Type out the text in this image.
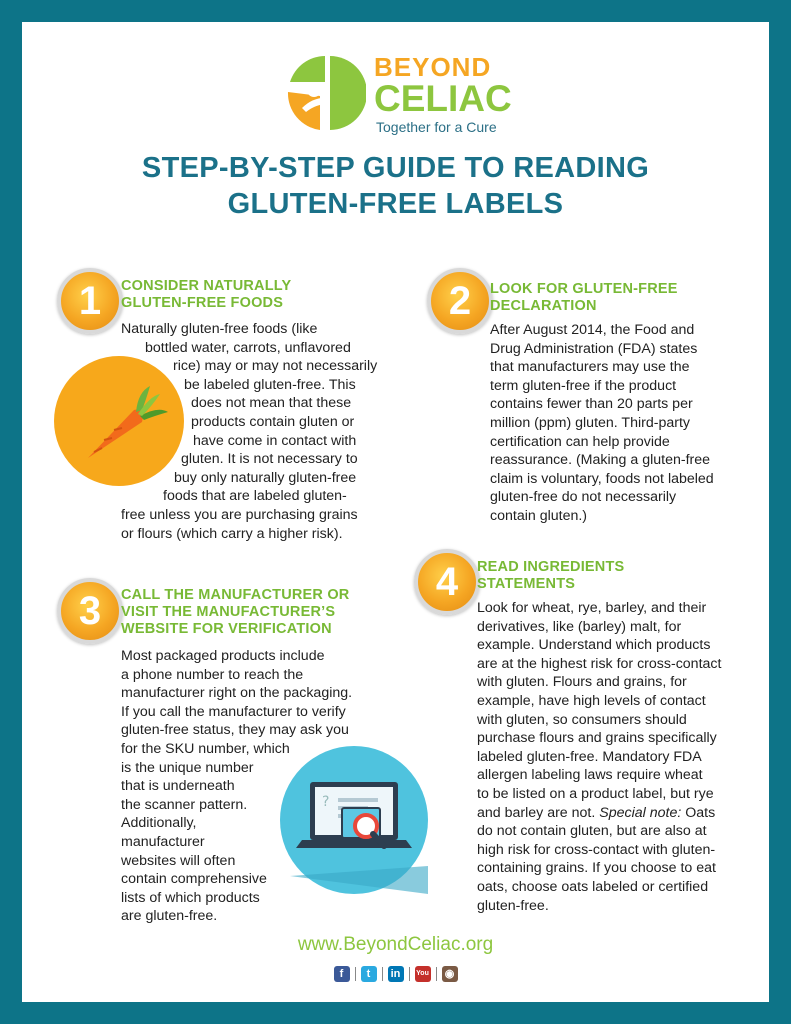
BEYOND
CELIAC
Together for a Cure
STEP-BY-STEP GUIDE TO READING
GLUTEN-FREE LABELS
1	CONSIDER NATURALLY
GLUTEN-FREE FOODS
Naturally gluten-free foods (like
bottled water, carrots, unflavored
rice) may or may not necessarily
be labeled gluten-free. This
does not mean that these
products contain gluten or
have come in contact with
gluten. It is not necessary to
buy only naturally gluten-free
foods that are labeled gluten-
free unless you are purchasing grains
or flours (which carry a higher risk).
2	LOOK FOR GLUTEN-FREE
DECLARATION
After August 2014, the Food and
Drug Administration (FDA) states
that manufacturers may use the
term gluten-free if the product
contains fewer than 20 parts per
million (ppm) gluten. Third-party
certification can help provide
reassurance. (Making a gluten-free
claim is voluntary, foods not labeled
gluten-free do not necessarily
contain gluten.)
3	CALL THE MANUFACTURER OR
VISIT THE MANUFACTURER’S
WEBSITE FOR VERIFICATION
?
Most packaged products include
a phone number to reach the
manufacturer right on the packaging.
If you call the manufacturer to verify
gluten-free status, they may ask you
for the SKU number, which
is the unique number
that is underneath
the scanner pattern.
Additionally,
manufacturer
websites will often
contain comprehensive
lists of which products
are gluten-free.
4	READ INGREDIENTS
STATEMENTS
Look for wheat, rye, barley, and their
derivatives, like (barley) malt, for
example. Understand which products
are at the highest risk for cross-contact
with gluten. Flours and grains, for
example, have high levels of contact
with gluten, so consumers should
purchase flours and grains specifically
labeled gluten-free. Mandatory FDA
allergen labeling laws require wheat
to be listed on a product label, but rye
and barley are not. Special note: Oats
do not contain gluten, but are also at
high risk for cross-contact with gluten-
containing grains. If you choose to eat
oats, choose oats labeled or certified
gluten-free.
www.BeyondCeliac.org
f t in You ◉
